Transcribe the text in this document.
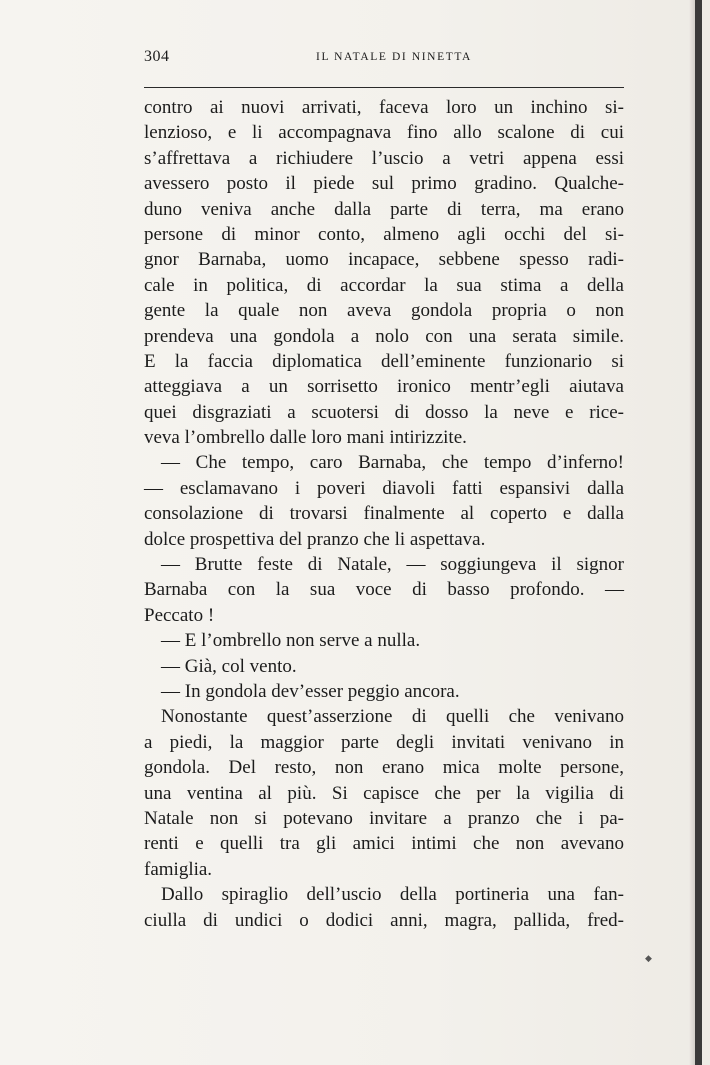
304	IL NATALE DI NINETTA
contro ai nuovi arrivati, faceva loro un inchino si-
lenzioso, e li accompagnava fino allo scalone di cui
s’affrettava a richiudere l’uscio a vetri appena essi
avessero posto il piede sul primo gradino. Qualche-
duno veniva anche dalla parte di terra, ma erano
persone di minor conto, almeno agli occhi del si-
gnor Barnaba, uomo incapace, sebbene spesso radi-
cale in politica, di accordar la sua stima a della
gente la quale non aveva gondola propria o non
prendeva una gondola a nolo con una serata simile.
E la faccia diplomatica dell’eminente funzionario si
atteggiava a un sorrisetto ironico mentr’egli aiutava
quei disgraziati a scuotersi di dosso la neve e rice-
veva l’ombrello dalle loro mani intirizzite.
— Che tempo, caro Barnaba, che tempo d’inferno!
— esclamavano i poveri diavoli fatti espansivi dalla
consolazione di trovarsi finalmente al coperto e dalla
dolce prospettiva del pranzo che li aspettava.
— Brutte feste di Natale, — soggiungeva il signor
Barnaba con la sua voce di basso profondo. —
Peccato !
— E l’ombrello non serve a nulla.
— Già, col vento.
— In gondola dev’esser peggio ancora.
Nonostante quest’asserzione di quelli che venivano
a piedi, la maggior parte degli invitati venivano in
gondola. Del resto, non erano mica molte persone,
una ventina al più. Si capisce che per la vigilia di
Natale non si potevano invitare a pranzo che i pa-
renti e quelli tra gli amici intimi che non avevano
famiglia.
Dallo spiraglio dell’uscio della portineria una fan-
ciulla di undici o dodici anni, magra, pallida, fred-
◆
